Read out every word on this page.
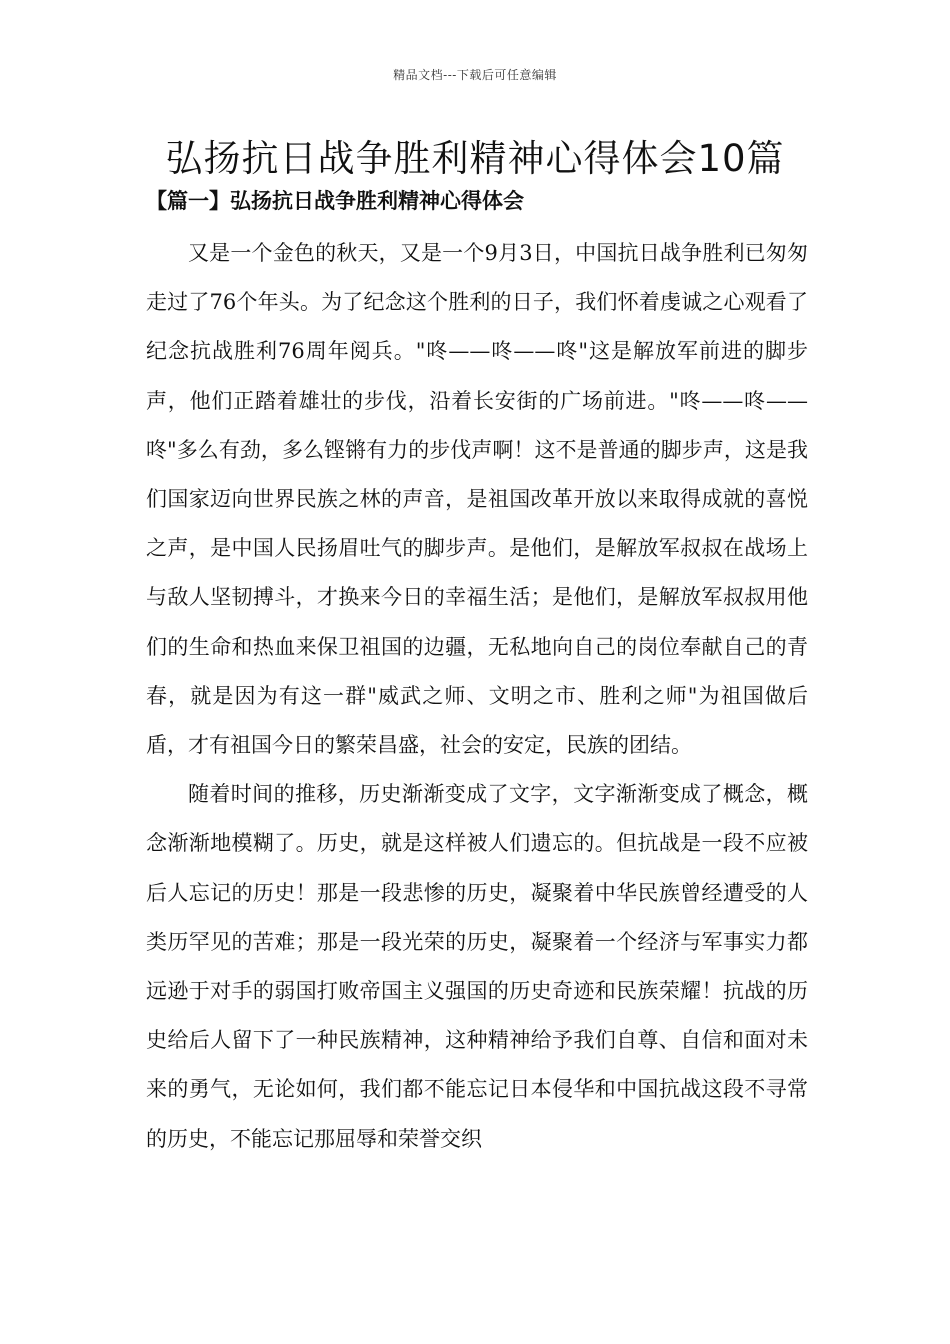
精品文档---下载后可任意编辑
弘扬抗日战争胜利精神心得体会10篇
【篇一】弘扬抗日战争胜利精神心得体会

又是一个金色的秋天，又是一个9月3日，中国抗日战争胜利已匆匆走过了76个年头。为了纪念这个胜利的日子，我们怀着虔诚之心观看了纪念抗战胜利76周年阅兵。"咚——咚——咚"这是解放军前进的脚步声，他们正踏着雄壮的步伐，沿着长安街的广场前进。"咚——咚——咚"多么有劲，多么铿锵有力的步伐声啊！这不是普通的脚步声，这是我们国家迈向世界民族之林的声音，是祖国改革开放以来取得成就的喜悦之声，是中国人民扬眉吐气的脚步声。是他们，是解放军叔叔在战场上与敌人坚韧搏斗，才换来今日的幸福生活；是他们，是解放军叔叔用他们的生命和热血来保卫祖国的边疆，无私地向自己的岗位奉献自己的青春，就是因为有这一群"威武之师、文明之市、胜利之师"为祖国做后盾，才有祖国今日的繁荣昌盛，社会的安定，民族的团结。

随着时间的推移，历史渐渐变成了文字，文字渐渐变成了概念，概念渐渐地模糊了。历史，就是这样被人们遗忘的。但抗战是一段不应被后人忘记的历史！那是一段悲惨的历史，凝聚着中华民族曾经遭受的人类历罕见的苦难；那是一段光荣的历史，凝聚着一个经济与军事实力都远逊于对手的弱国打败帝国主义强国的历史奇迹和民族荣耀！抗战的历史给后人留下了一种民族精神，这种精神给予我们自尊、自信和面对未来的勇气，无论如何，我们都不能忘记日本侵华和中国抗战这段不寻常的历史，不能忘记那屈辱和荣誉交织
